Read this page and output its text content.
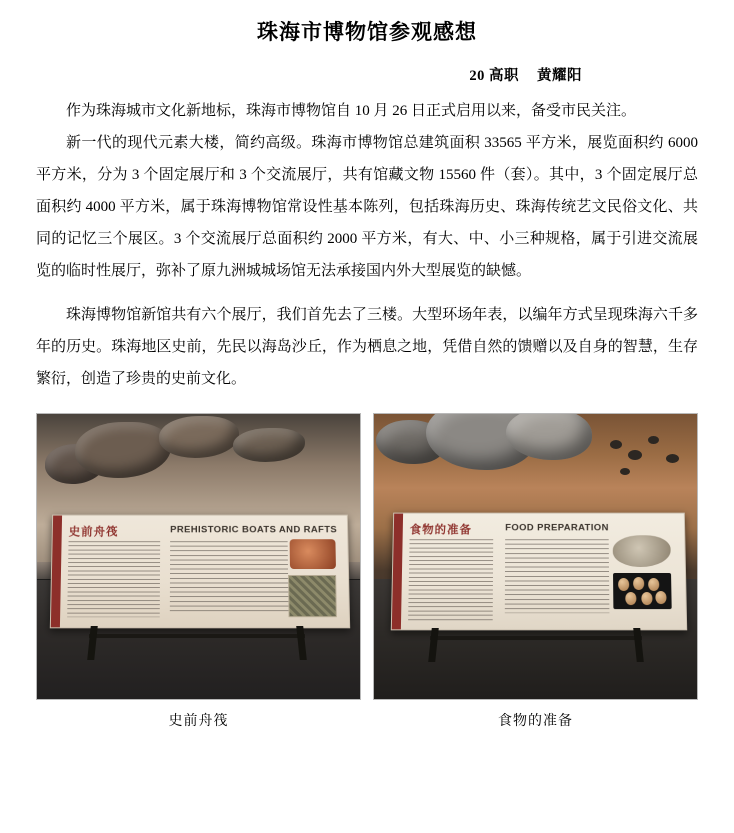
珠海市博物馆参观感想
20 高职 黄耀阳

作为珠海城市文化新地标，珠海市博物馆自 10 月 26 日正式启用以来，备受市民关注。

新一代的现代元素大楼，简约高级。珠海市博物馆总建筑面积 33565 平方米，展览面积约 6000 平方米，分为 3 个固定展厅和 3 个交流展厅，共有馆藏文物 15560 件（套）。其中，3 个固定展厅总面积约 4000 平方米，属于珠海博物馆常设性基本陈列，包括珠海历史、珠海传统艺文民俗文化、共同的记忆三个展区。3 个交流展厅总面积约 2000 平方米，有大、中、小三种规格，属于引进交流展览的临时性展厅，弥补了原九洲城城场馆无法承接国内外大型展览的缺憾。

珠海博物馆新馆共有六个展厅，我们首先去了三楼。大型环场年表，以编年方式呈现珠海六千多年的历史。珠海地区史前，先民以海岛沙丘，作为栖息之地，凭借自然的馈赠以及自身的智慧，生存繁衍，创造了珍贵的史前文化。

史前舟筏	PREHISTORIC BOATS AND RAFTS
史前舟筏
食物的准备	FOOD PREPARATION
食物的准备
